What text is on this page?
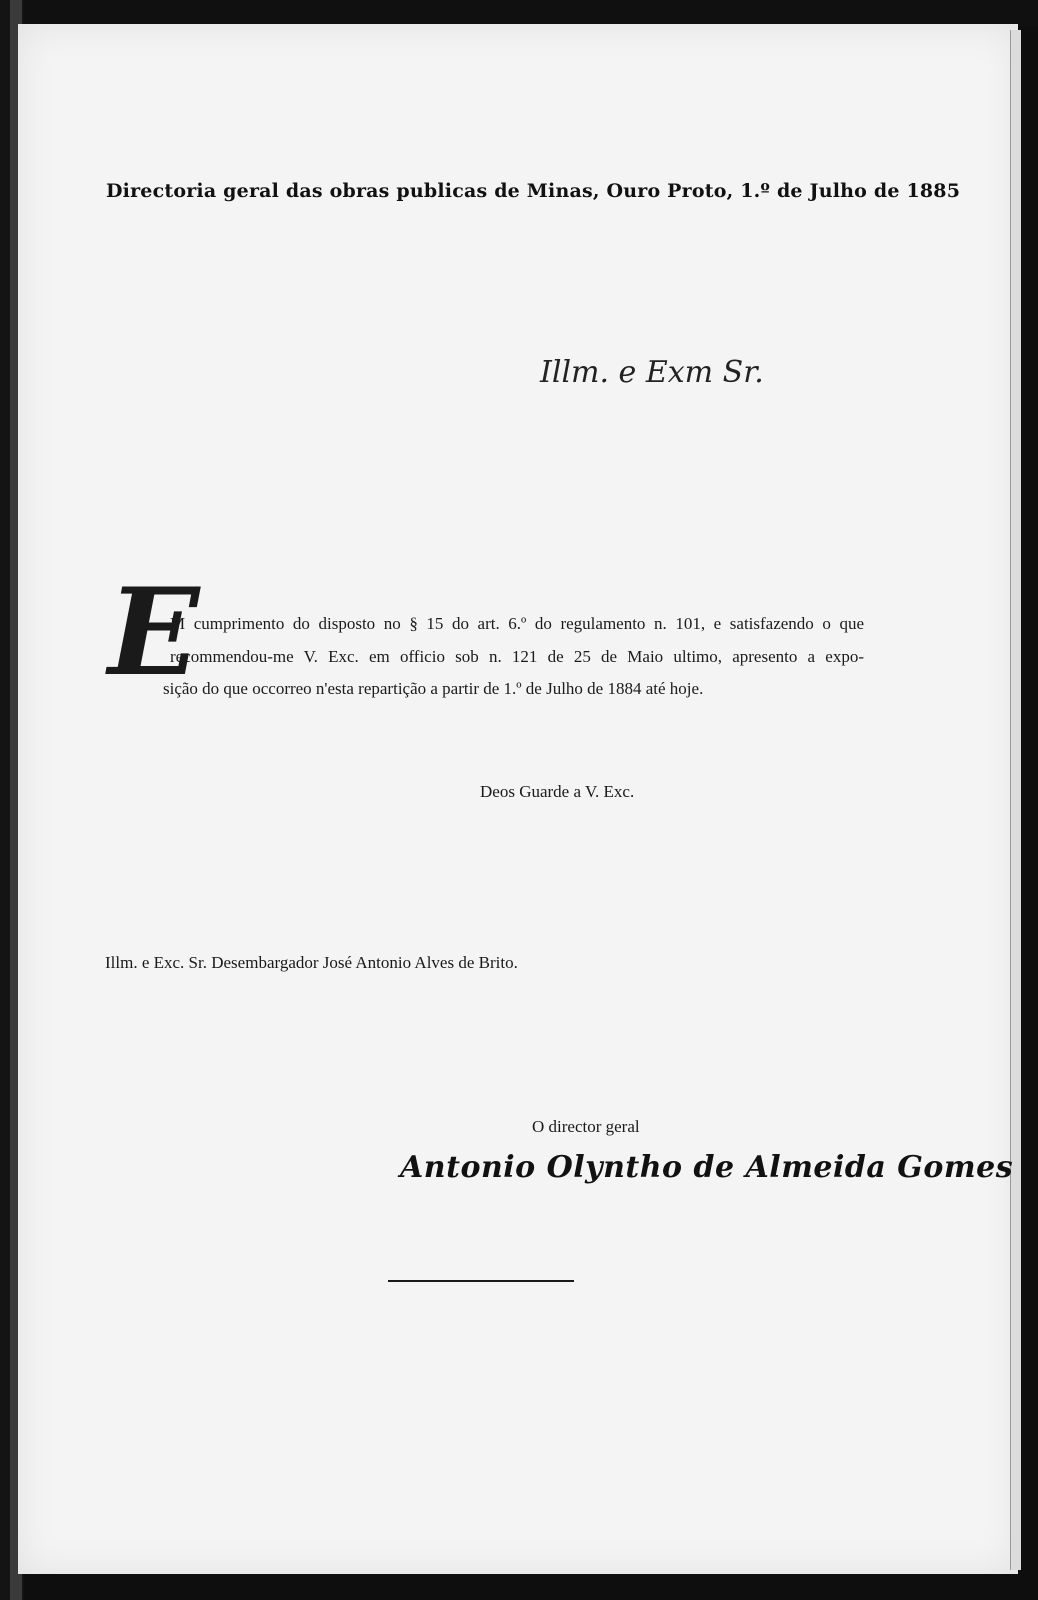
Directoria geral das obras publicas de Minas, Ouro Proto, 1.º de Julho de 1885
Illm. e Exm Sr.
E
M cumprimento do disposto no § 15 do art. 6.º do regulamento n. 101, e satisfazendo o que
recommendou-me V. Exc. em officio sob n. 121 de 25 de Maio ultimo, apresento a expo-
sição do que occorreo n'esta repartição a partir de 1.º de Julho de 1884 até hoje.
Deos Guarde a V. Exc.
Illm. e Exc. Sr. Desembargador José Antonio Alves de Brito.
O director geral
Antonio Olyntho de Almeida Gomes
